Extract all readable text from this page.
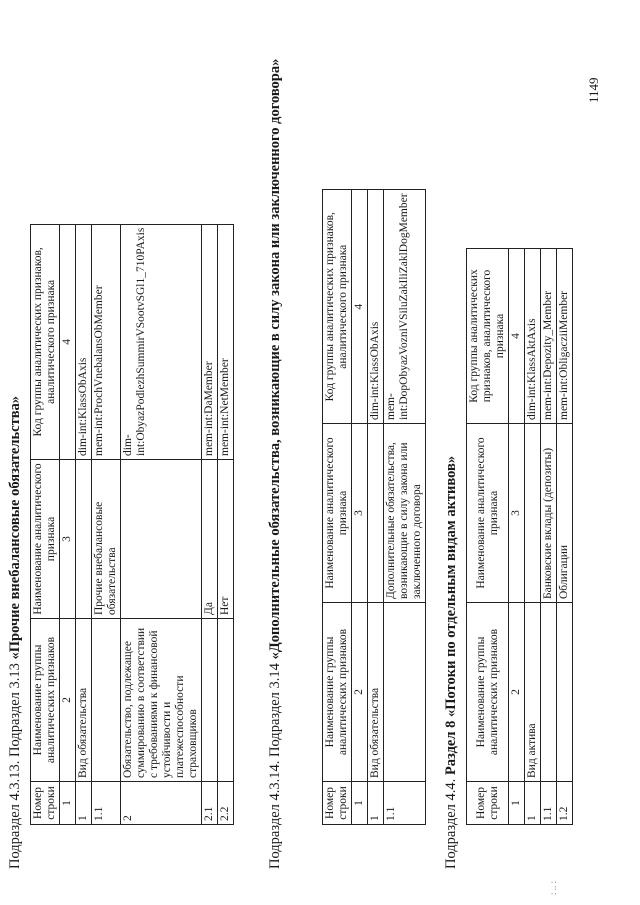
1149
: .. :
Подраздел 4.3.13. Подраздел 3.13 «Прочие внебалансовые обязательства»
Номер строки	Наименование группы аналитических признаков	Наименование аналитического признака	Код группы аналитических признаков, аналитического признака
1	2	3	4
1	Вид обязательства		dim-int:KlassObAxis
1.1		Прочие внебалансовые обязательства	mem-int:ProchVnebalansObMember
2	Обязательство, подлежащее суммированию в соответствии с требованиями к финансовой устойчивости и платежеспособности страховщиков		dim-int:ObyazPodlezhSummirVSootvSGl1_710PAxis
2.1		Да	mem-int:DaMember
2.2		Нет	mem-int:NetMember
Подраздел 4.3.14. Подраздел 3.14 «Дополнительные обязательства, возникающие в силу закона или заключенного договора»
Номер строки	Наименование группы аналитических признаков	Наименование аналитического признака	Код группы аналитических признаков, аналитического признака
1	2	3	4
1	Вид обязательства		dim-int:KlassObAxis
1.1		Дополнительные обязательства, возникающие в силу закона или заключенного договора	mem-int:DopObyazVozniVSiluZakIliZaklDogMember
Подраздел 4.4. Раздел 8 «Потоки по отдельным видам активов»
Номер строки	Наименование группы аналитических признаков	Наименование аналитического признака	Код группы аналитических признаков, аналитического признака
1	2	3	4
1	Вид актива		dim-int:KlassAktAxis
1.1		Банковские вклады (депозиты)	mem-int:Depozity_Member
1.2		Облигации	mem-int:ObligacziiMember
